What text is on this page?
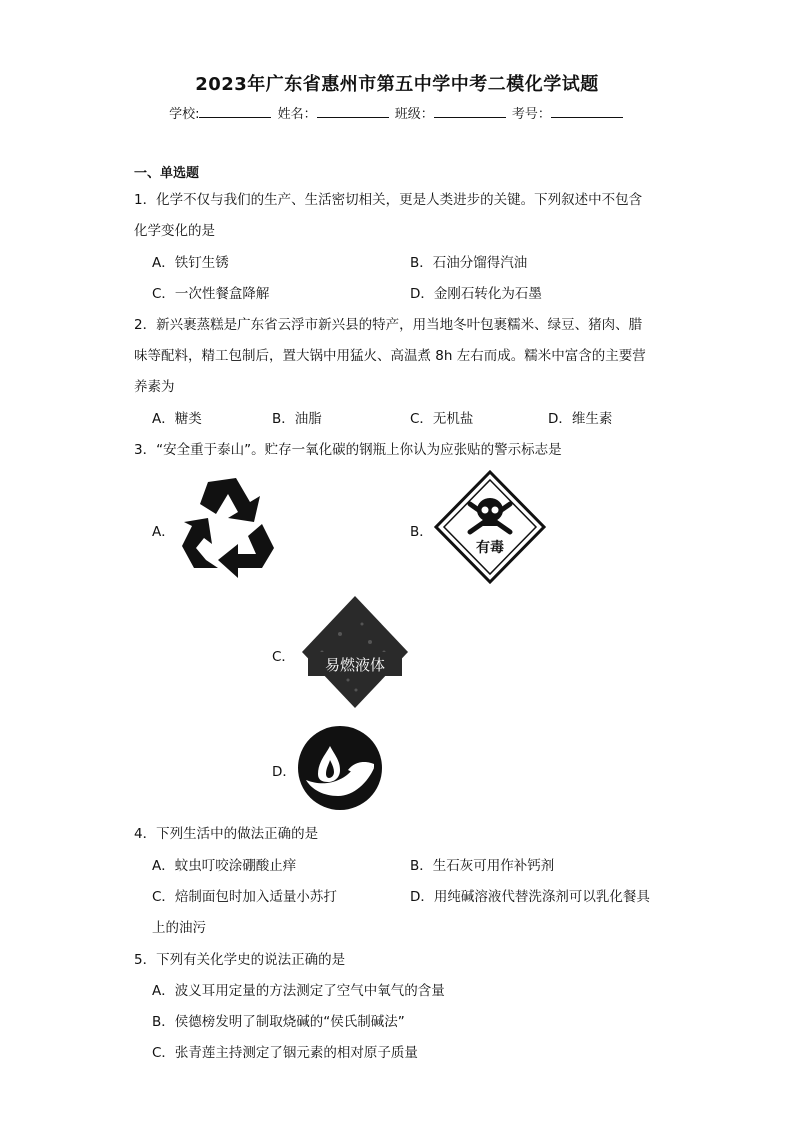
2023年广东省惠州市第五中学中考二模化学试题
学校:	姓名：	班级：	考号：
一、单选题
1．化学不仅与我们的生产、生活密切相关，更是人类进步的关键。下列叙述中不包含
化学变化的是
A．铁钉生锈	B．石油分馏得汽油
C．一次性餐盒降解	D．金刚石转化为石墨
2．新兴裹蒸糕是广东省云浮市新兴县的特产，用当地冬叶包裹糯米、绿豆、猪肉、腊
味等配料，精工包制后，置大锅中用猛火、高温煮 8h 左右而成。糯米中富含的主要营
养素为
A．糖类	B．油脂	C．无机盐	D．维生素
3．“安全重于泰山”。贮存一氧化碳的钢瓶上你认为应张贴的警示标志是
A．	B．
有毒
C． 易燃液体
D．
4．下列生活中的做法正确的是
A．蚊虫叮咬涂硼酸止痒	B．生石灰可用作补钙剂
C．焙制面包时加入适量小苏打	D．用纯碱溶液代替洗涤剂可以乳化餐具
上的油污
5．下列有关化学史的说法正确的是
A．波义耳用定量的方法测定了空气中氧气的含量
B．侯德榜发明了制取烧碱的“侯氏制碱法”
C．张青莲主持测定了铟元素的相对原子质量
